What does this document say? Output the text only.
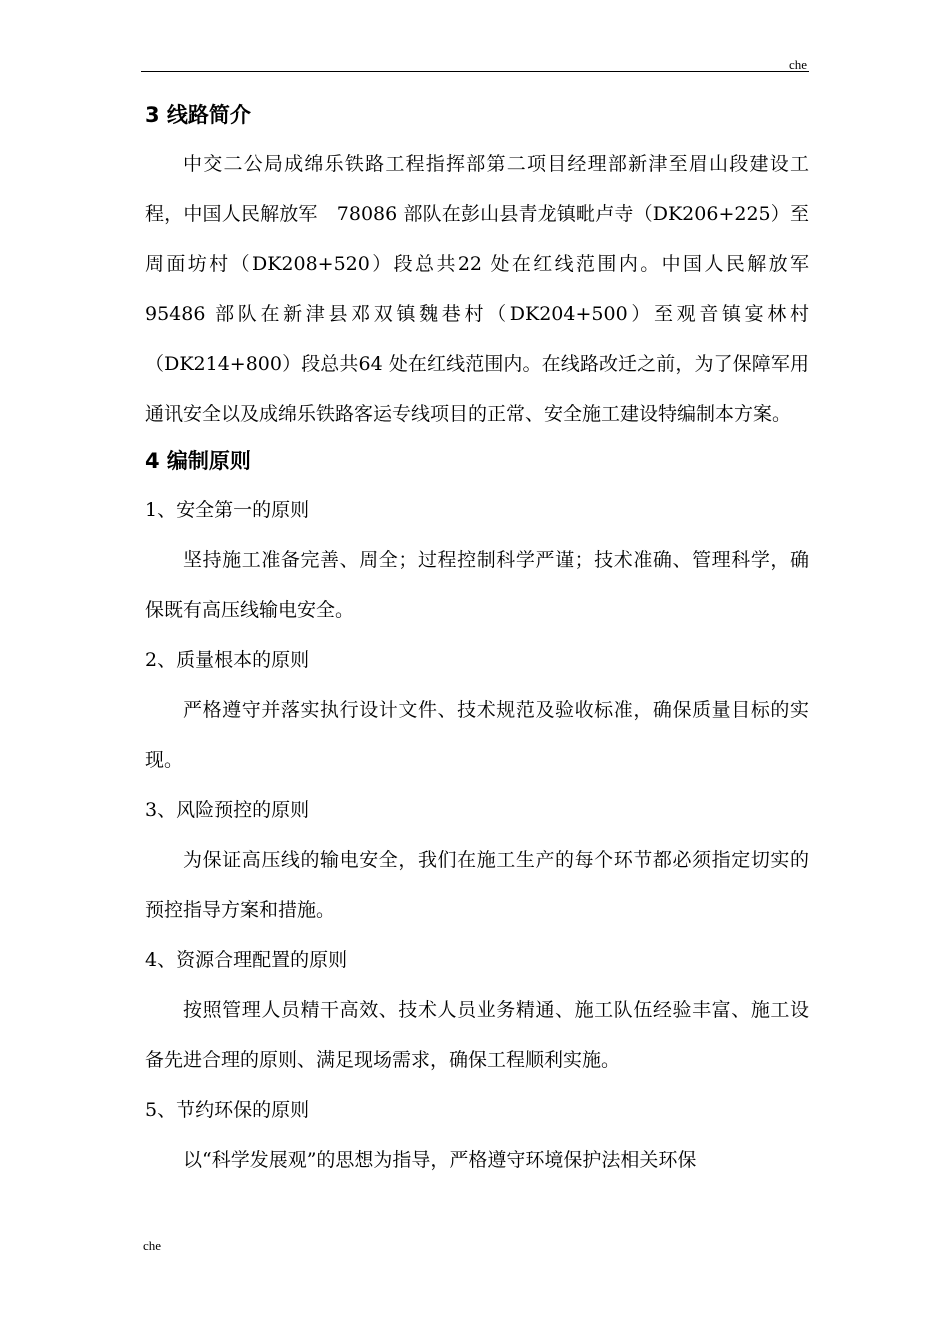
che
3 线路简介

中交二公局成绵乐铁路工程指挥部第二项目经理部新津至眉山段建设工程，中国人民解放军　78086 部队在彭山县青龙镇毗卢寺（DK206+225）至周面坊村（DK208+520）段总共22 处在红线范围内。中国人民解放军 95486 部队在新津县邓双镇魏巷村（DK204+500）至观音镇宴林村（DK214+800）段总共64 处在红线范围内。在线路改迁之前，为了保障军用通讯安全以及成绵乐铁路客运专线项目的正常、安全施工建设特编制本方案。

4 编制原则

1、安全第一的原则

坚持施工准备完善、周全；过程控制科学严谨；技术准确、管理科学，确保既有高压线输电安全。

2、质量根本的原则

严格遵守并落实执行设计文件、技术规范及验收标准，确保质量目标的实现。

3、风险预控的原则

为保证高压线的输电安全，我们在施工生产的每个环节都必须指定切实的预控指导方案和措施。

4、资源合理配置的原则

按照管理人员精干高效、技术人员业务精通、施工队伍经验丰富、施工设备先进合理的原则、满足现场需求，确保工程顺利实施。

5、节约环保的原则

以“科学发展观”的思想为指导，严格遵守环境保护法相关环保

che
